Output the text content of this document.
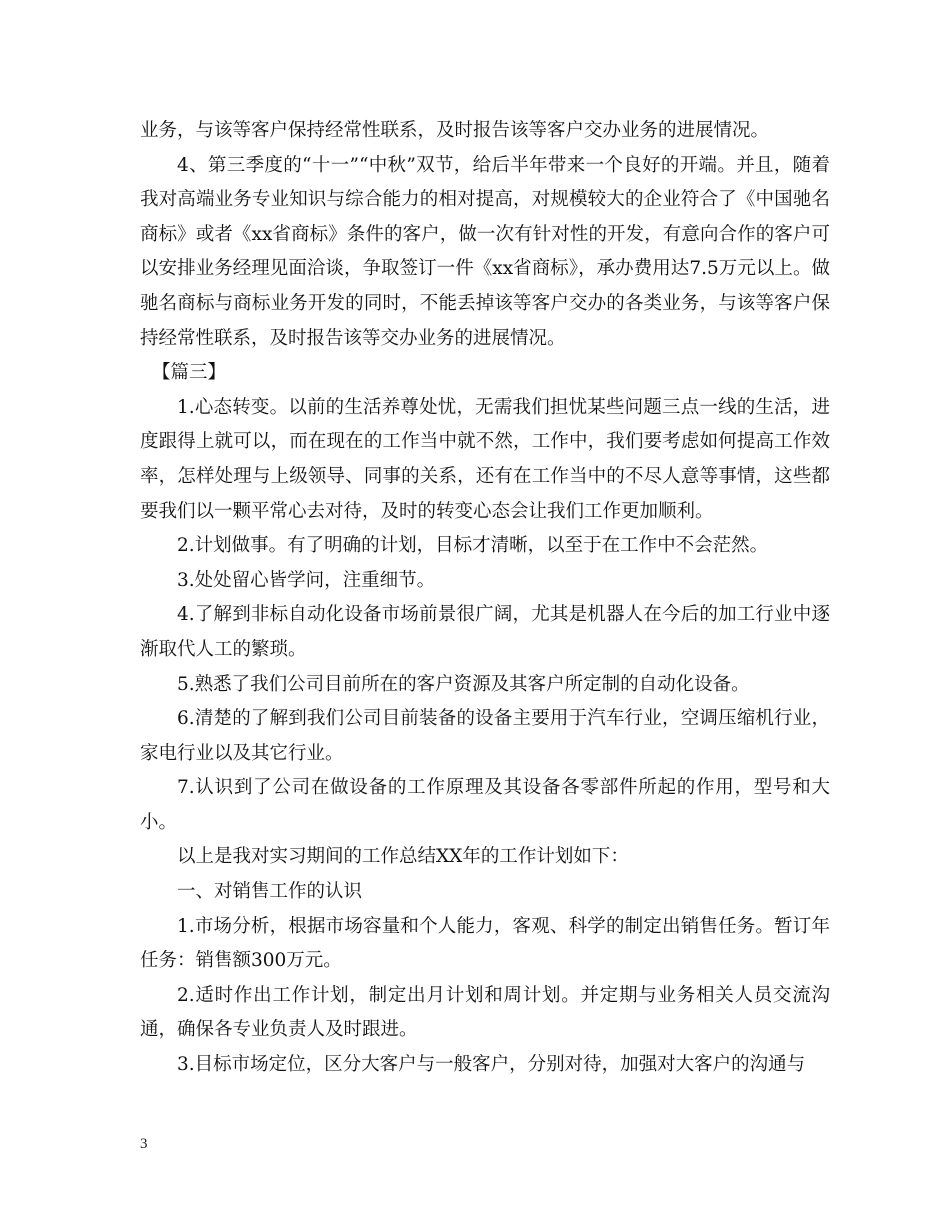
业务，与该等客户保持经常性联系，及时报告该等客户交办业务的进展情况。

4、第三季度的“十一”“中秋”双节，给后半年带来一个良好的开端。并且，随着我对高端业务专业知识与综合能力的相对提高，对规模较大的企业符合了《中国驰名商标》或者《xx省商标》条件的客户，做一次有针对性的开发，有意向合作的客户可以安排业务经理见面洽谈，争取签订一件《xx省商标》，承办费用达7.5万元以上。做驰名商标与商标业务开发的同时，不能丢掉该等客户交办的各类业务，与该等客户保持经常性联系，及时报告该等交办业务的进展情况。

【篇三】

1.心态转变。以前的生活养尊处忧，无需我们担忧某些问题三点一线的生活，进度跟得上就可以，而在现在的工作当中就不然，工作中，我们要考虑如何提高工作效率，怎样处理与上级领导、同事的关系，还有在工作当中的不尽人意等事情，这些都要我们以一颗平常心去对待，及时的转变心态会让我们工作更加顺利。

2.计划做事。有了明确的计划，目标才清晰，以至于在工作中不会茫然。

3.处处留心皆学问，注重细节。

4.了解到非标自动化设备市场前景很广阔，尤其是机器人在今后的加工行业中逐渐取代人工的繁琐。

5.熟悉了我们公司目前所在的客户资源及其客户所定制的自动化设备。

6.清楚的了解到我们公司目前装备的设备主要用于汽车行业，空调压缩机行业，家电行业以及其它行业。

7.认识到了公司在做设备的工作原理及其设备各零部件所起的作用，型号和大小。

以上是我对实习期间的工作总结XX年的工作计划如下：

一、对销售工作的认识

1.市场分析，根据市场容量和个人能力，客观、科学的制定出销售任务。暂订年任务：销售额300万元。

2.适时作出工作计划，制定出月计划和周计划。并定期与业务相关人员交流沟通，确保各专业负责人及时跟进。

3.目标市场定位，区分大客户与一般客户，分别对待，加强对大客户的沟通与

3
